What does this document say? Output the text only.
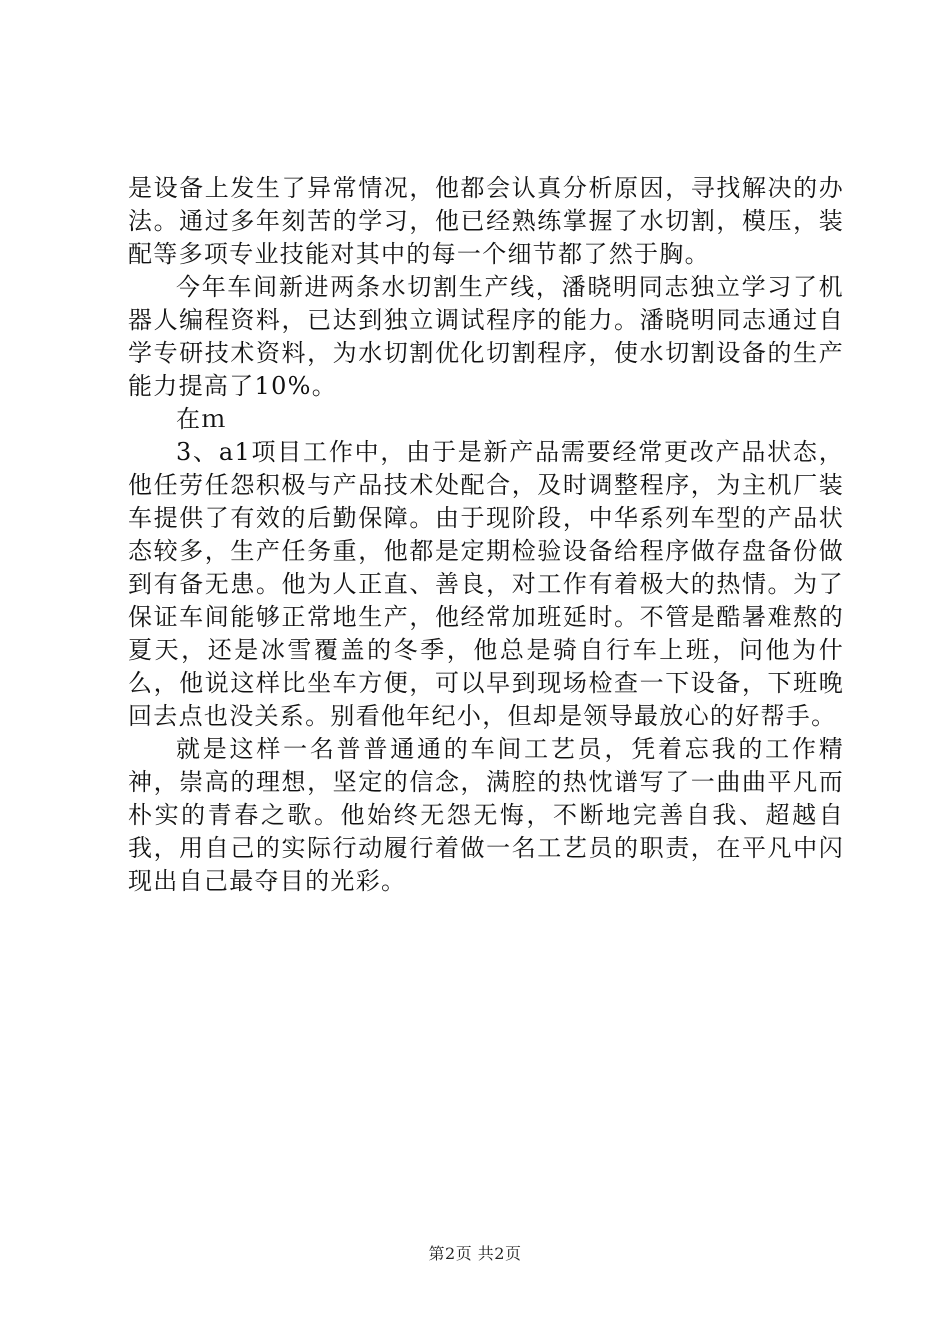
是设备上发生了异常情况，他都会认真分析原因，寻找解决的办法。通过多年刻苦的学习，他已经熟练掌握了水切割，模压，装配等多项专业技能对其中的每一个细节都了然于胸。

今年车间新进两条水切割生产线，潘晓明同志独立学习了机器人编程资料，已达到独立调试程序的能力。潘晓明同志通过自学专研技术资料，为水切割优化切割程序，使水切割设备的生产能力提高了10%。

在ｍ

3、a1项目工作中，由于是新产品需要经常更改产品状态，他任劳任怨积极与产品技术处配合，及时调整程序，为主机厂装车提供了有效的后勤保障。由于现阶段，中华系列车型的产品状态较多，生产任务重，他都是定期检验设备给程序做存盘备份做到有备无患。他为人正直、善良，对工作有着极大的热情。为了保证车间能够正常地生产，他经常加班延时。不管是酷暑难熬的夏天，还是冰雪覆盖的冬季，他总是骑自行车上班，问他为什么，他说这样比坐车方便，可以早到现场检查一下设备，下班晚回去点也没关系。别看他年纪小，但却是领导最放心的好帮手。

就是这样一名普普通通的车间工艺员，凭着忘我的工作精神，崇高的理想，坚定的信念，满腔的热忱谱写了一曲曲平凡而朴实的青春之歌。他始终无怨无悔，不断地完善自我、超越自我，用自己的实际行动履行着做一名工艺员的职责，在平凡中闪现出自己最夺目的光彩。

第2页 共2页
